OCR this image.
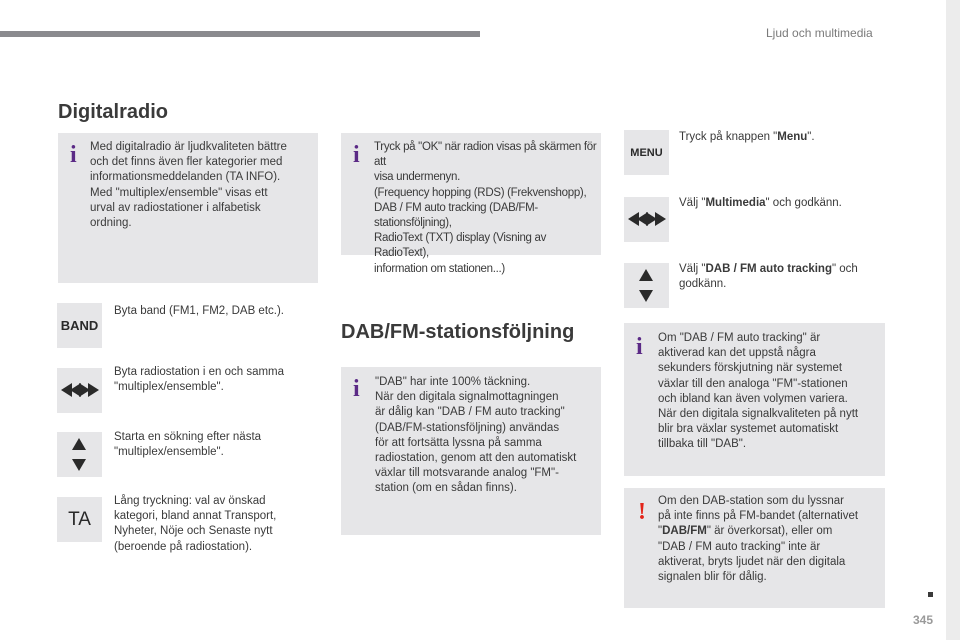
Ljud och multimedia
Digitalradio
DAB/FM-stationsföljning
i Med digitalradio är ljudkvaliteten bättre
och det finns även fler kategorier med
informationsmeddelanden (TA INFO).
Med "multiplex/ensemble" visas ett
urval av radiostationer i alfabetisk
ordning.
i Tryck på "OK" när radion visas på skärmen för att
visa undermenyn.
(Frequency hopping (RDS) (Frekvenshopp),
DAB / FM auto tracking (DAB/FM-stationsföljning),
RadioText (TXT) display (Visning av RadioText),
information om stationen...)
i "DAB" har inte 100% täckning.
När den digitala signalmottagningen
är dålig kan "DAB / FM auto tracking"
(DAB/FM-stationsföljning) användas
för att fortsätta lyssna på samma
radiostation, genom att den automatiskt
växlar till motsvarande analog "FM"-
station (om en sådan finns).
i Om "DAB / FM auto tracking" är
aktiverad kan det uppstå några
sekunders förskjutning när systemet
växlar till den analoga "FM"-stationen
och ibland kan även volymen variera.
När den digitala signalkvaliteten på nytt
blir bra växlar systemet automatiskt
tillbaka till "DAB".
! Om den DAB-station som du lyssnar
på inte finns på FM-bandet (alternativet
"DAB/FM" är överkorsat), eller om
"DAB / FM auto tracking" inte är
aktiverat, bryts ljudet när den digitala
signalen blir för dålig.
BAND
Byta band (FM1, FM2, DAB etc.).
Byta radiostation i en och samma
"multiplex/ensemble".
Starta en sökning efter nästa
"multiplex/ensemble".
TA
Lång tryckning: val av önskad
kategori, bland annat Transport,
Nyheter, Nöje och Senaste nytt
(beroende på radiostation).
MENU
Tryck på knappen "Menu".
Välj "Multimedia" och godkänn.
Välj "DAB / FM auto tracking" och
godkänn.
345
